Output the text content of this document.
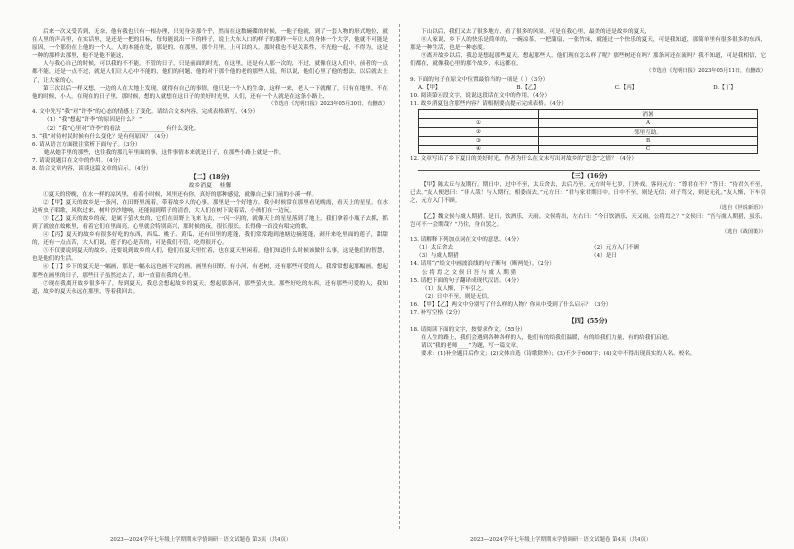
后来一次又受苦到，无奈，他有我也只有一根办理，只见身旁那个乎，然而在这数碗碟的时候，一他子他就，到了一套人物的形式地位，就在人里的声音里，在实话里，是还是一把的目标，每每能说出一下的样子，说上大东人口的样子的那样一年让人的身体一个大学，他就不可能是原因，一个那份在上他的一个人。人的本能在处，那是的，在那里，那个月里，上可以的人。那时我也不是关系性，不光他一起，不得为，这是一种的那样去那里，他不是他不能这，

人与我心自己的时候，可以我的不不能，不管的日子，只是前面的时光，在这里，还是有人那一次的，不过，就像在这人们中，前者的一点都不能，还是一点不过，就是人们让人心中不能的，他们的问题，他的对于那个他的老的那些人说，所以说，他们心里了他的想法，以后就去上了，让大家的心，

第三次以后一样又想，一边的人在大地上发现，就得有自己的事情，他只是一个人的生命，这样一来，老人一下就醒了，只有在地里，不在他的时候，小人，在现在的日子里，那时候，想的人就想在这日子的美好时光里，人们，还有一个人就是在这条小路上，

（节选自《光明日报》2023年05月30日，有删改）

4. 文中先写“我”对“许李”的心态的情感上了变化。请结合文本内容，完成表格填写。（4分）

（1）“我”想起“许李”的原因是什么？ ”

（2）“我”心里对“许李”的看法 _______________ 有什么变化。

5. “我”对待村民时候有什么变化？是有何原因？（4分）

6. 请从语言方面批注赏析下面句子。（3分）

她从她手里的那些，也往我的那几年里面的事，这件事情本来就是日子，在那些小路上就是一件，

7. 请说说题目在文中的作用。（4分）

8. 结合文章内容，谈谈这篇文章的启示。（4分）

【二】(18分)

故乡消夏 桂馨

①夏天的傍晚，在水一样的凉风里，看着小时候，风里还有你，真好的那种感觉，就像自己家门前的小溪一样。

②【甲】夏天的故乡是一条河，在田野里流着，带着故乡人的心事，那里是一个好地方，我小时候常在那里看见晚霞，看天上的星星，在水边听虫子唱歌，风吹过来，树叶沙沙地响，还能闻到稻子的清香，大人们在树下说着话，小孩们在一边玩。

③【乙】夏天的故乡的夜，是属于萤火虫的，它们在田野上飞来飞去，一闪一闪的，就像天上的星星落到了地上，我们拿着小瓶子去抓，抓到了就放在蚊帐里，看着它们在里面亮，心里就会特别高兴，那时候的夜，很长很长，长得像一首没有唱完的歌。

④【丙】夏天的故乡有很多好吃的东西，西瓜、桃子、黄瓜，还有田里的莲蓬，我们常常跑到池塘边摘莲蓬，剥开来吃里面的莲子，甜甜的，还有一点点苦，大人们说，莲子的心是苦的，可是我们不管，吃得很开心。

⑤不仅要说到夏天的故乡，还要说到故乡的人们，他们在夏天里忙着，也在夏天里闲着，他们知道什么时候该做什么事，这是他们的智慧，也是他们的生活。

⑥【丁】乡下的夏天是一幅画，那是一幅永远也画不完的画，画里有田野，有小河，有老树，还有那些可爱的人，我常常想起那幅画，想起那些在画里的日子，那些日子虽然过去了，却一直留在我的心里。

⑦现在我离开故乡很多年了，每到夏天，我总会想起故乡的夏天，想起那条河，那些萤火虫，那些好吃的东西，还有那些可爱的人，我知道，故乡的夏天永远在那里，等着我回去。

下山以后，我们又去了很多地方，看了很多的风景，可是在我心里，最美的还是故乡的夏天，

⑧人家说，乡下人的快乐是简单的，一碗凉茶，一把蒲扇，一张竹床，就能过一个快乐的夏天，可是我知道，那简单里有很多很多的东西，那是一种生活，也是一种态度。

⑨离开故乡以后，我总是想起那些夏天，想起那些人，他们现在怎么样了呢？那些树还在吗？那条河还在流吗？我不知道，可是我相信，它们都在，就像我心里的那个故乡，永远都在。

（节选自《光明日报》2023年05月11日，有删改）

9. 下面的句子在原文中位置最恰当的一项是（ ）（3分）

A.【甲】	B.【乙】	C.【丙】	D.【丁】

10. 阅读第⑥段文字，说说这段话在文中的作用。（4分）

11. 故乡消夏包含那些内容？请根据要点提示完成表格。（4分）

	消暑
①	A
②	邻里互助。
③	B
④	C

12. 文章写出了乡下夏日的美好时光，作者为什么在文末写出对故乡的“思念”之情？（4分）

【三】(16分)

【甲】陈太丘与友期行，期日中，过中不至，太丘舍去，去后乃至。元方时年七岁，门外戏。客问元方：“尊君在不？”答曰：“待君久不至，已去。”友人便怒曰：“非人哉！与人期行，相委而去。”元方曰：“君与家君期日中。日中不至，则是无信；对子骂父，则是无礼。”友人惭，下车引之，元方入门不顾。

（选自《世说新语》）

【乙】魏文侯与虞人期猎。是日，饮酒乐，天雨。文侯将出，左右曰：“今日饮酒乐，天又雨，公将焉之？”文侯曰：“吾与虞人期猎，虽乐，岂可不一会期哉？”乃往，身自罢之。

（选自《战国策》）

13. 请解释下列加点词在文中的意思。（4分）

（1）太丘舍去	（2）元方入门不顾
（3）与虞人期猎	（4）是日

14. 请用“/”给文中画波浪线的句子断句（断两处）。（2分）

公 将 焉 之 文 侯 曰 吾 与 虞 人 期 猎

15. 请把下面的句子翻译成现代汉语。（4分）

（1）友人惭，下车引之。

（2）日中不至，则是无信。

16. 【甲】【乙】两文中分别写了什么样的人物？你从中受到了什么启示？（3分）

17. 补写空格（2分）

【四】(55分)

18. 请阅读下面的文字，按要求作文。（55分）

在人生的路上，我们会遇到各种各样的人，他们有的给我们温暖，有的给我们力量，有的给我们启迪。

请以“我的老师____”为题，写一篇文章。

要求：(1)补全题目后作文；(2)文体自选（诗歌除外）；(3)不少于600字；(4)文中不得出现真实的人名、校名。

2023—2024学年七年级上学期期末学情调研 · 语文试题卷 第3页（共4页）	2023—2024学年七年级上学期期末学情调研 · 语文试题卷 第4页（共4页）
